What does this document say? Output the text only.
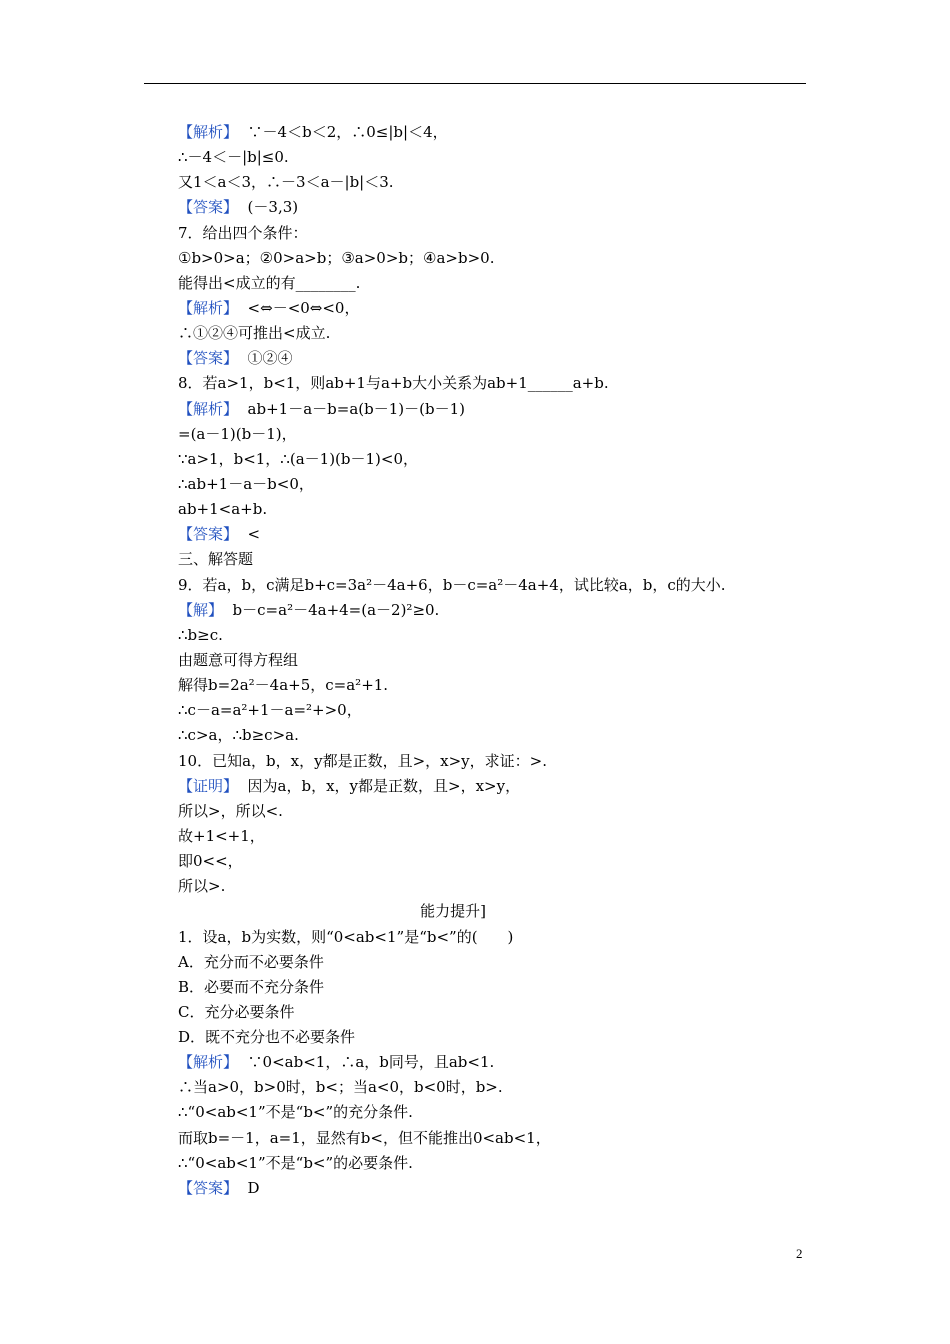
【解析】  ∵－4＜b＜2，∴0≤|b|＜4，
∴－4＜－|b|≤0.
又1＜a＜3，∴－3＜a－|b|＜3.
【答案】  (－3,3)
7．给出四个条件：
①b>0>a；②0>a>b；③a>0>b；④a>b>0.
能得出<成立的有________.
【解析】  <⇔－<0⇔<0，
∴①②④可推出<成立.
【答案】  ①②④
8．若a>1，b<1，则ab+1与a+b大小关系为ab+1______a+b.
【解析】  ab+1－a－b=a(b－1)－(b－1)
=(a－1)(b－1)，
∵a>1，b<1，∴(a－1)(b－1)<0，
∴ab+1－a－b<0，
ab+1<a+b.
【答案】  <
三、解答题
9．若a，b，c满足b+c=3a²－4a+6，b－c=a²－4a+4，试比较a，b，c的大小.
【解】  b－c=a²－4a+4=(a－2)²≥0.
∴b≥c.
由题意可得方程组
解得b=2a²－4a+5，c=a²+1.
∴c－a=a²+1－a=²+>0，
∴c>a，∴b≥c>a.
10．已知a，b，x，y都是正数，且>，x>y，求证：>.
【证明】  因为a，b，x，y都是正数，且>，x>y，
所以>，所以<.
故+1<+1，
即0<<，
所以>.
能力提升]
1．设a，b为实数，则“0<ab<1”是“b<”的(　　)
A．充分而不必要条件
B．必要而不充分条件
C．充分必要条件
D．既不充分也不必要条件
【解析】  ∵0<ab<1，∴a，b同号，且ab<1.
∴当a>0，b>0时，b<；当a<0，b<0时，b>.
∴“0<ab<1”不是“b<”的充分条件.
而取b=－1，a=1，显然有b<，但不能推出0<ab<1，
∴“0<ab<1”不是“b<”的必要条件.
【答案】  D
2
